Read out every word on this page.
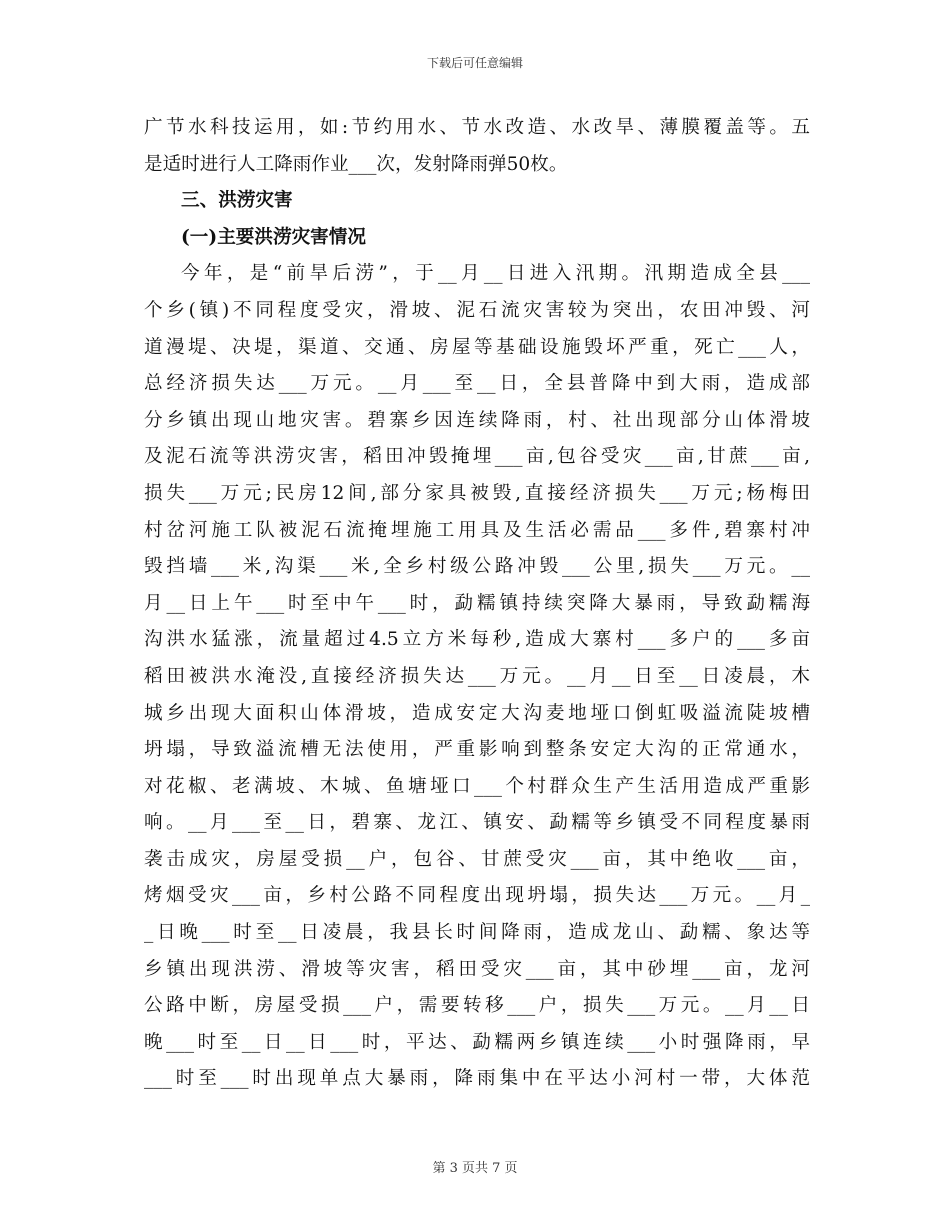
下载后可任意编辑
广节水科技运用，如:节约用水、节水改造、水改旱、薄膜覆盖等。五
是适时进行人工降雨作业___次，发射降雨弹50枚。
三、洪涝灾害
(一)主要洪涝灾害情况
今年，是“前旱后涝”，于__月__日进入汛期。汛期造成全县___
个乡(镇)不同程度受灾，滑坡、泥石流灾害较为突出，农田冲毁、河
道漫堤、决堤，渠道、交通、房屋等基础设施毁坏严重，死亡___人，
总经济损失达___万元。__月___至__日，全县普降中到大雨，造成部
分乡镇出现山地灾害。碧寨乡因连续降雨，村、社出现部分山体滑坡
及泥石流等洪涝灾害，稻田冲毁掩埋___亩,包谷受灾___亩,甘蔗___亩,
损失___万元;民房12间,部分家具被毁,直接经济损失___万元;杨梅田
村岔河施工队被泥石流掩埋施工用具及生活必需品___多件,碧寨村冲
毁挡墙___米,沟渠___米,全乡村级公路冲毁___公里,损失___万元。__
月__日上午___时至中午___时，勐糯镇持续突降大暴雨，导致勐糯海
沟洪水猛涨，流量超过4.5立方米每秒,造成大寨村___多户的___多亩
稻田被洪水淹没,直接经济损失达___万元。__月__日至__日凌晨，木
城乡出现大面积山体滑坡，造成安定大沟麦地垭口倒虹吸溢流陡坡槽
坍塌，导致溢流槽无法使用，严重影响到整条安定大沟的正常通水，
对花椒、老满坡、木城、鱼塘垭口___个村群众生产生活用造成严重影
响。__月___至__日，碧寨、龙江、镇安、勐糯等乡镇受不同程度暴雨
袭击成灾，房屋受损__户，包谷、甘蔗受灾___亩，其中绝收___亩，
烤烟受灾___亩，乡村公路不同程度出现坍塌，损失达___万元。__月_
_日晚___时至__日凌晨，我县长时间降雨，造成龙山、勐糯、象达等
乡镇出现洪涝、滑坡等灾害，稻田受灾___亩，其中砂埋___亩，龙河
公路中断，房屋受损___户，需要转移___户，损失___万元。__月__日
晚___时至__日__日___时，平达、勐糯两乡镇连续___小时强降雨，早
___时至___时出现单点大暴雨，降雨集中在平达小河村一带，大体范
第 3 页共 7 页
